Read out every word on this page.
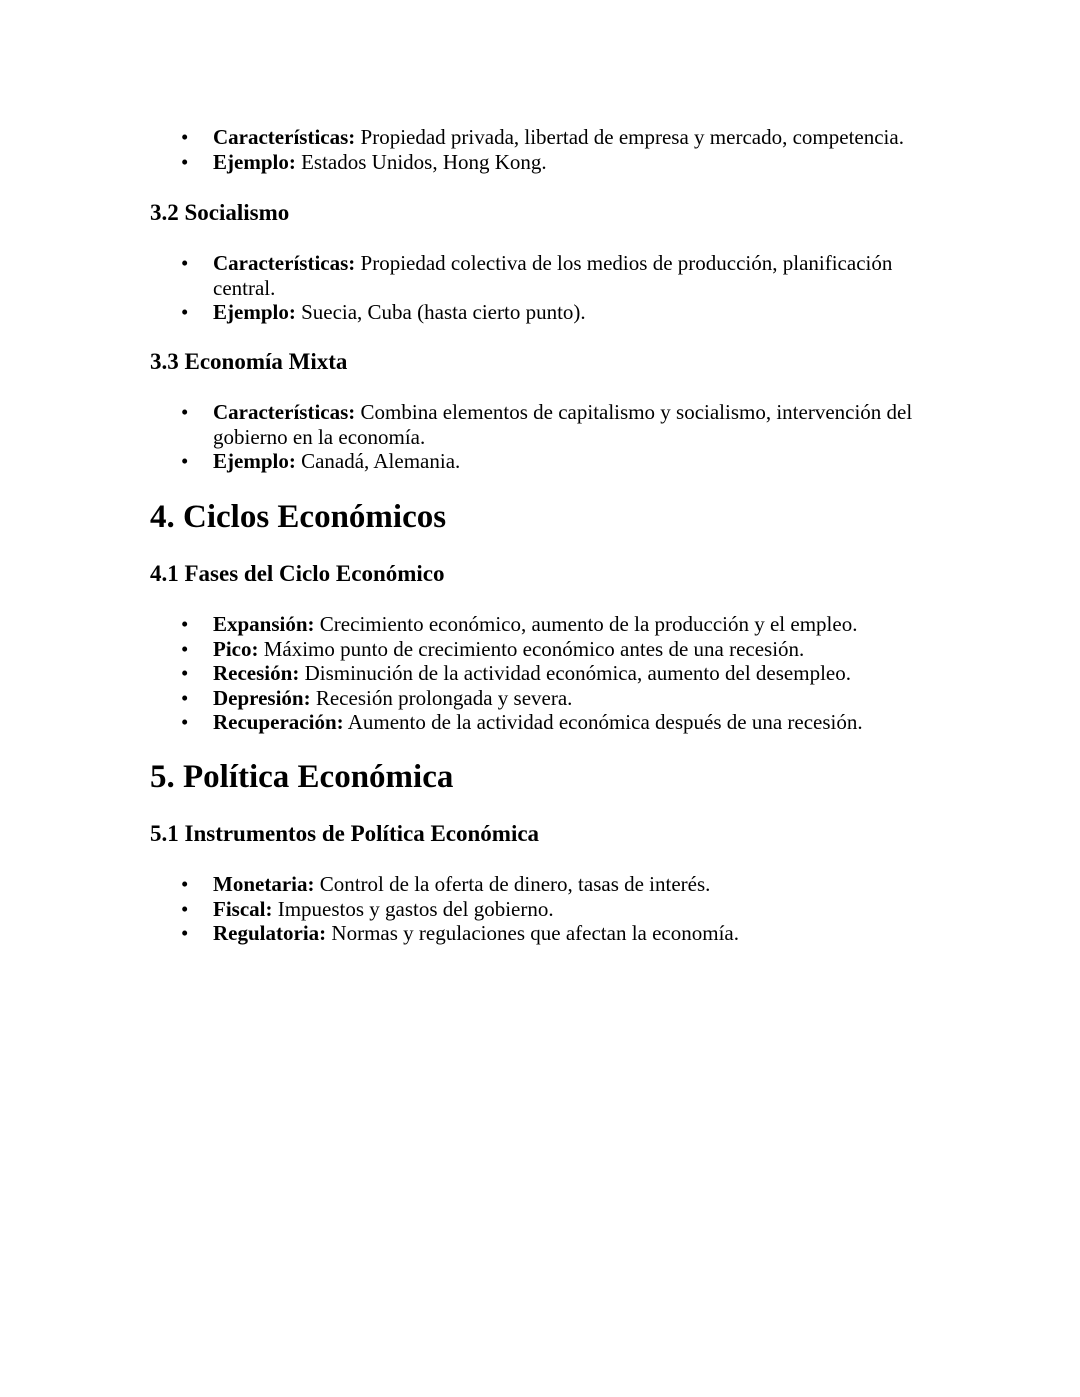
• Características: Propiedad privada, libertad de empresa y mercado, competencia.
• Ejemplo: Estados Unidos, Hong Kong.
3.2 Socialismo
• Características: Propiedad colectiva de los medios de producción, planificación central.
• Ejemplo: Suecia, Cuba (hasta cierto punto).
3.3 Economía Mixta
• Características: Combina elementos de capitalismo y socialismo, intervención del gobierno en la economía.
• Ejemplo: Canadá, Alemania.
4. Ciclos Económicos
4.1 Fases del Ciclo Económico
• Expansión: Crecimiento económico, aumento de la producción y el empleo.
• Pico: Máximo punto de crecimiento económico antes de una recesión.
• Recesión: Disminución de la actividad económica, aumento del desempleo.
• Depresión: Recesión prolongada y severa.
• Recuperación: Aumento de la actividad económica después de una recesión.
5. Política Económica
5.1 Instrumentos de Política Económica
• Monetaria: Control de la oferta de dinero, tasas de interés.
• Fiscal: Impuestos y gastos del gobierno.
• Regulatoria: Normas y regulaciones que afectan la economía.
